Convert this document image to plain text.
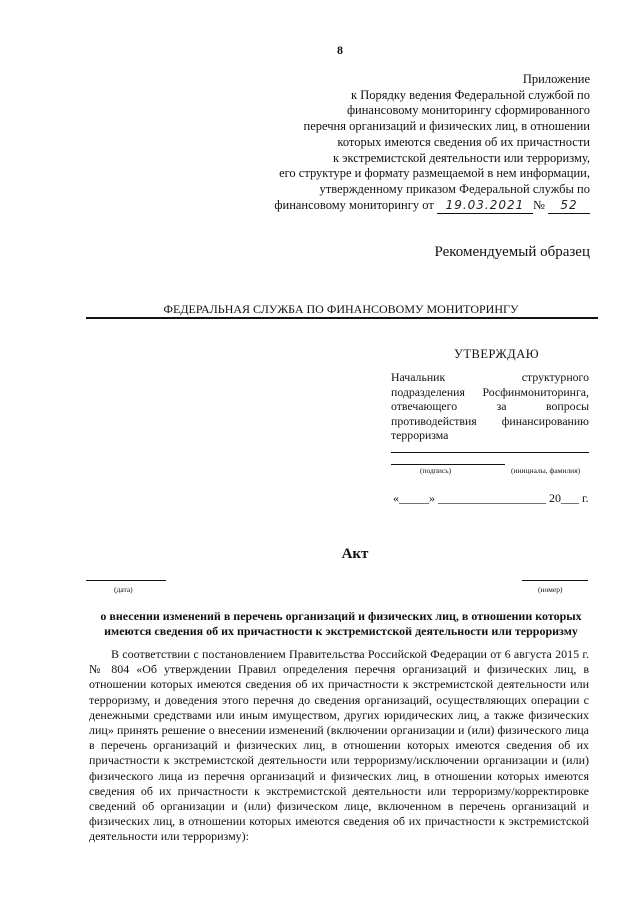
8
Приложение
к Порядку ведения Федеральной службой по
финансовому мониторингу сформированного
перечня организаций и физических лиц, в отношении
которых имеются сведения об их причастности
к экстремистской деятельности или терроризму,
его структуре и формату размещаемой в нем информации,
утвержденному приказом Федеральной службы по
финансовому мониторингу от 19.03.2021 № 52
Рекомендуемый образец
ФЕДЕРАЛЬНАЯ СЛУЖБА ПО ФИНАНСОВОМУ МОНИТОРИНГУ
УТВЕРЖДАЮ
Начальник структурного
подразделения Росфинмониторинга,
отвечающего за вопросы
противодействия финансированию
терроризма
(подпись)	(инициалы, фамилия)
«_____» __________________ 20___ г.
Акт
(дата)	(номер)
о внесении изменений в перечень организаций и физических лиц, в отношении которых имеются сведения об их причастности к экстремистской деятельности или терроризму

В соответствии с постановлением Правительства Российской Федерации от 6 августа 2015 г. № 804 «Об утверждении Правил определения перечня организаций и физических лиц, в отношении которых имеются сведения об их причастности к экстремистской деятельности или терроризму, и доведения этого перечня до сведения организаций, осуществляющих операции с денежными средствами или иным имуществом, других юридических лиц, а также физических лиц» принять решение о внесении изменений (включении организации и (или) физического лица в перечень организаций и физических лиц, в отношении которых имеются сведения об их причастности к экстремистской деятельности или терроризму/исключении организации и (или) физического лица из перечня организаций и физических лиц, в отношении которых имеются сведения об их причастности к экстремистской деятельности или терроризму/корректировке сведений об организации и (или) физическом лице, включенном в перечень организаций и физических лиц, в отношении которых имеются сведения об их причастности к экстремистской деятельности или терроризму):
